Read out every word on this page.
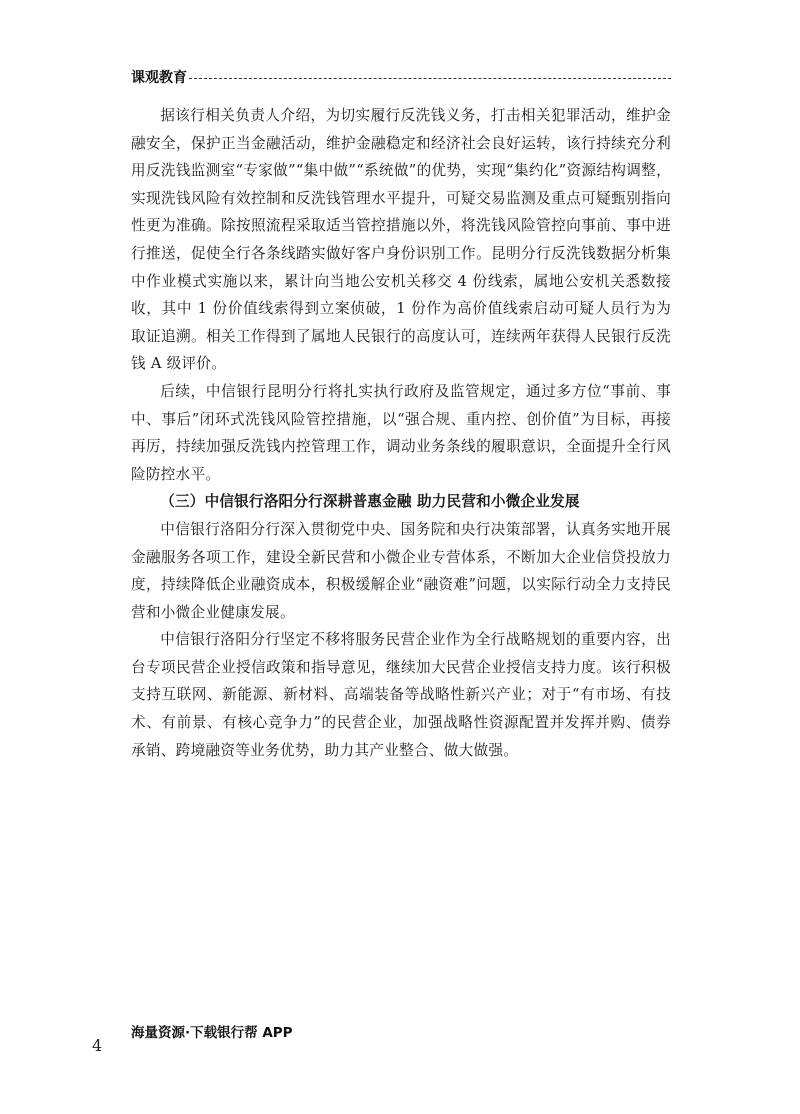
课观教育

据该行相关负责人介绍，为切实履行反洗钱义务，打击相关犯罪活动，维护金融安全，保护正当金融活动，维护金融稳定和经济社会良好运转，该行持续充分利用反洗钱监测室“专家做”“集中做”“系统做”的优势，实现“集约化”资源结构调整，实现洗钱风险有效控制和反洗钱管理水平提升，可疑交易监测及重点可疑甄别指向性更为准确。除按照流程采取适当管控措施以外，将洗钱风险管控向事前、事中进行推送，促使全行各条线踏实做好客户身份识别工作。昆明分行反洗钱数据分析集中作业模式实施以来，累计向当地公安机关移交 4 份线索，属地公安机关悉数接收，其中 1 份价值线索得到立案侦破，1 份作为高价值线索启动可疑人员行为为取证追溯。相关工作得到了属地人民银行的高度认可，连续两年获得人民银行反洗钱 A 级评价。

后续，中信银行昆明分行将扎实执行政府及监管规定，通过多方位“事前、事中、事后”闭环式洗钱风险管控措施，以“强合规、重内控、创价值”为目标，再接再厉，持续加强反洗钱内控管理工作，调动业务条线的履职意识，全面提升全行风险防控水平。

（三）中信银行洛阳分行深耕普惠金融 助力民营和小微企业发展

中信银行洛阳分行深入贯彻党中央、国务院和央行决策部署，认真务实地开展金融服务各项工作，建设全新民营和小微企业专营体系，不断加大企业信贷投放力度，持续降低企业融资成本，积极缓解企业“融资难”问题，以实际行动全力支持民营和小微企业健康发展。

中信银行洛阳分行坚定不移将服务民营企业作为全行战略规划的重要内容，出台专项民营企业授信政策和指导意见，继续加大民营企业授信支持力度。该行积极支持互联网、新能源、新材料、高端装备等战略性新兴产业；对于“有市场、有技术、有前景、有核心竞争力”的民营企业，加强战略性资源配置并发挥并购、债券承销、跨境融资等业务优势，助力其产业整合、做大做强。

4
海量资源·下载银行帮 APP
